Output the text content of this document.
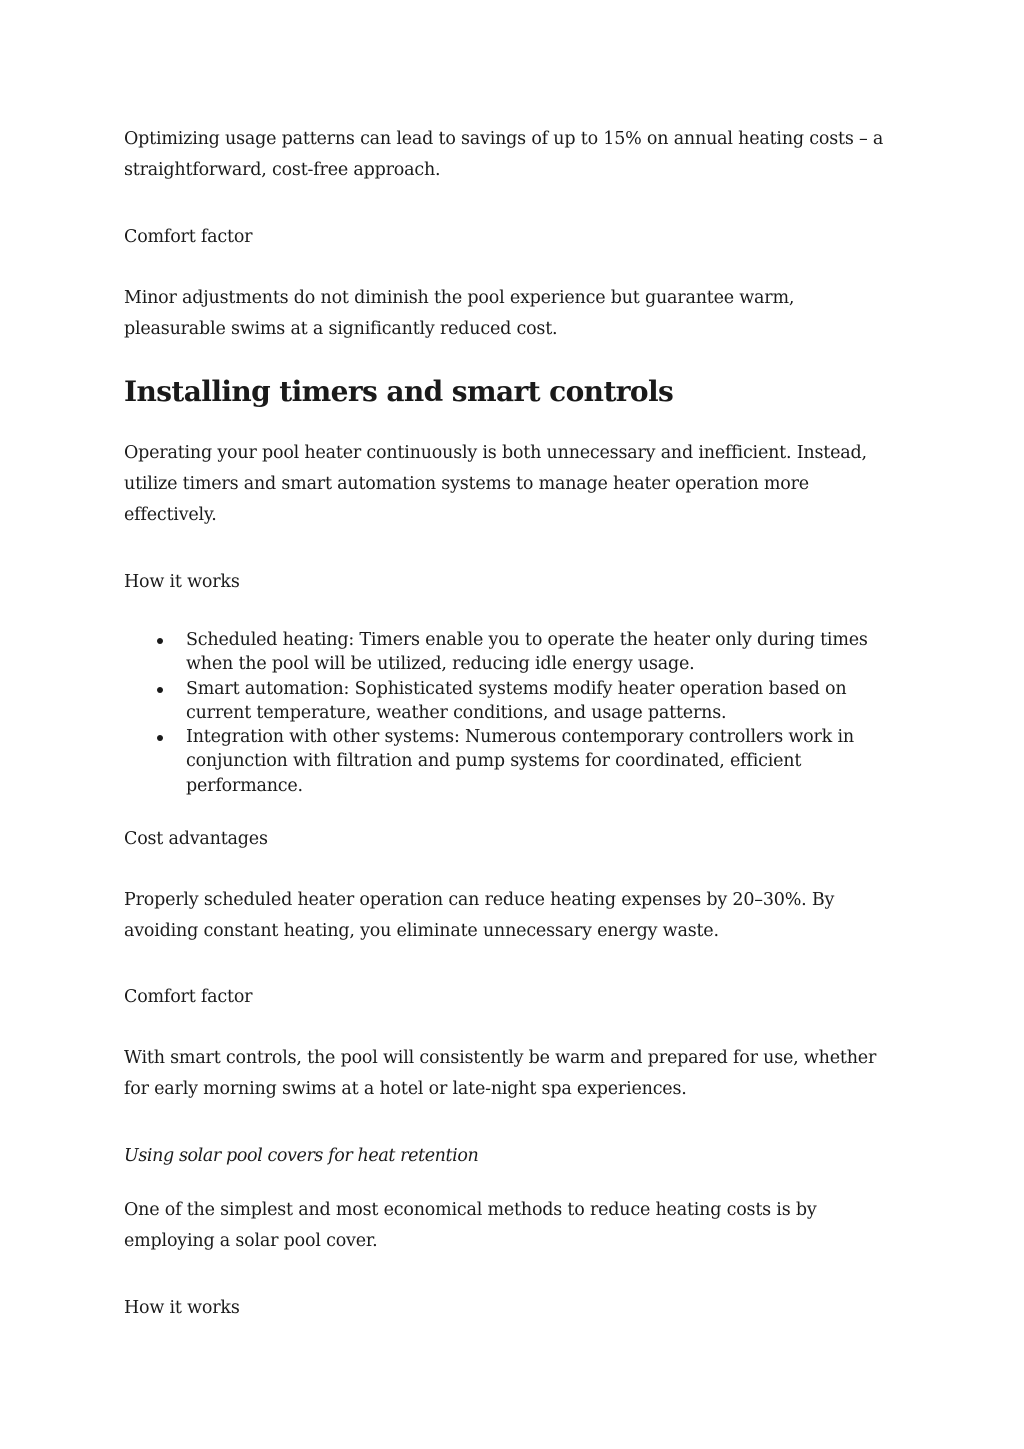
Optimizing usage patterns can lead to savings of up to 15% on annual heating costs – a straightforward, cost-free approach.

Comfort factor

Minor adjustments do not diminish the pool experience but guarantee warm, pleasurable swims at a significantly reduced cost.

Installing timers and smart controls

Operating your pool heater continuously is both unnecessary and inefficient. Instead, utilize timers and smart automation systems to manage heater operation more effectively.

How it works

Scheduled heating: Timers enable you to operate the heater only during times when the pool will be utilized, reducing idle energy usage.
Smart automation: Sophisticated systems modify heater operation based on current temperature, weather conditions, and usage patterns.
Integration with other systems: Numerous contemporary controllers work in conjunction with filtration and pump systems for coordinated, efficient performance.

Cost advantages

Properly scheduled heater operation can reduce heating expenses by 20–30%. By avoiding constant heating, you eliminate unnecessary energy waste.

Comfort factor

With smart controls, the pool will consistently be warm and prepared for use, whether for early morning swims at a hotel or late-night spa experiences.

Using solar pool covers for heat retention

One of the simplest and most economical methods to reduce heating costs is by employing a solar pool cover.

How it works
